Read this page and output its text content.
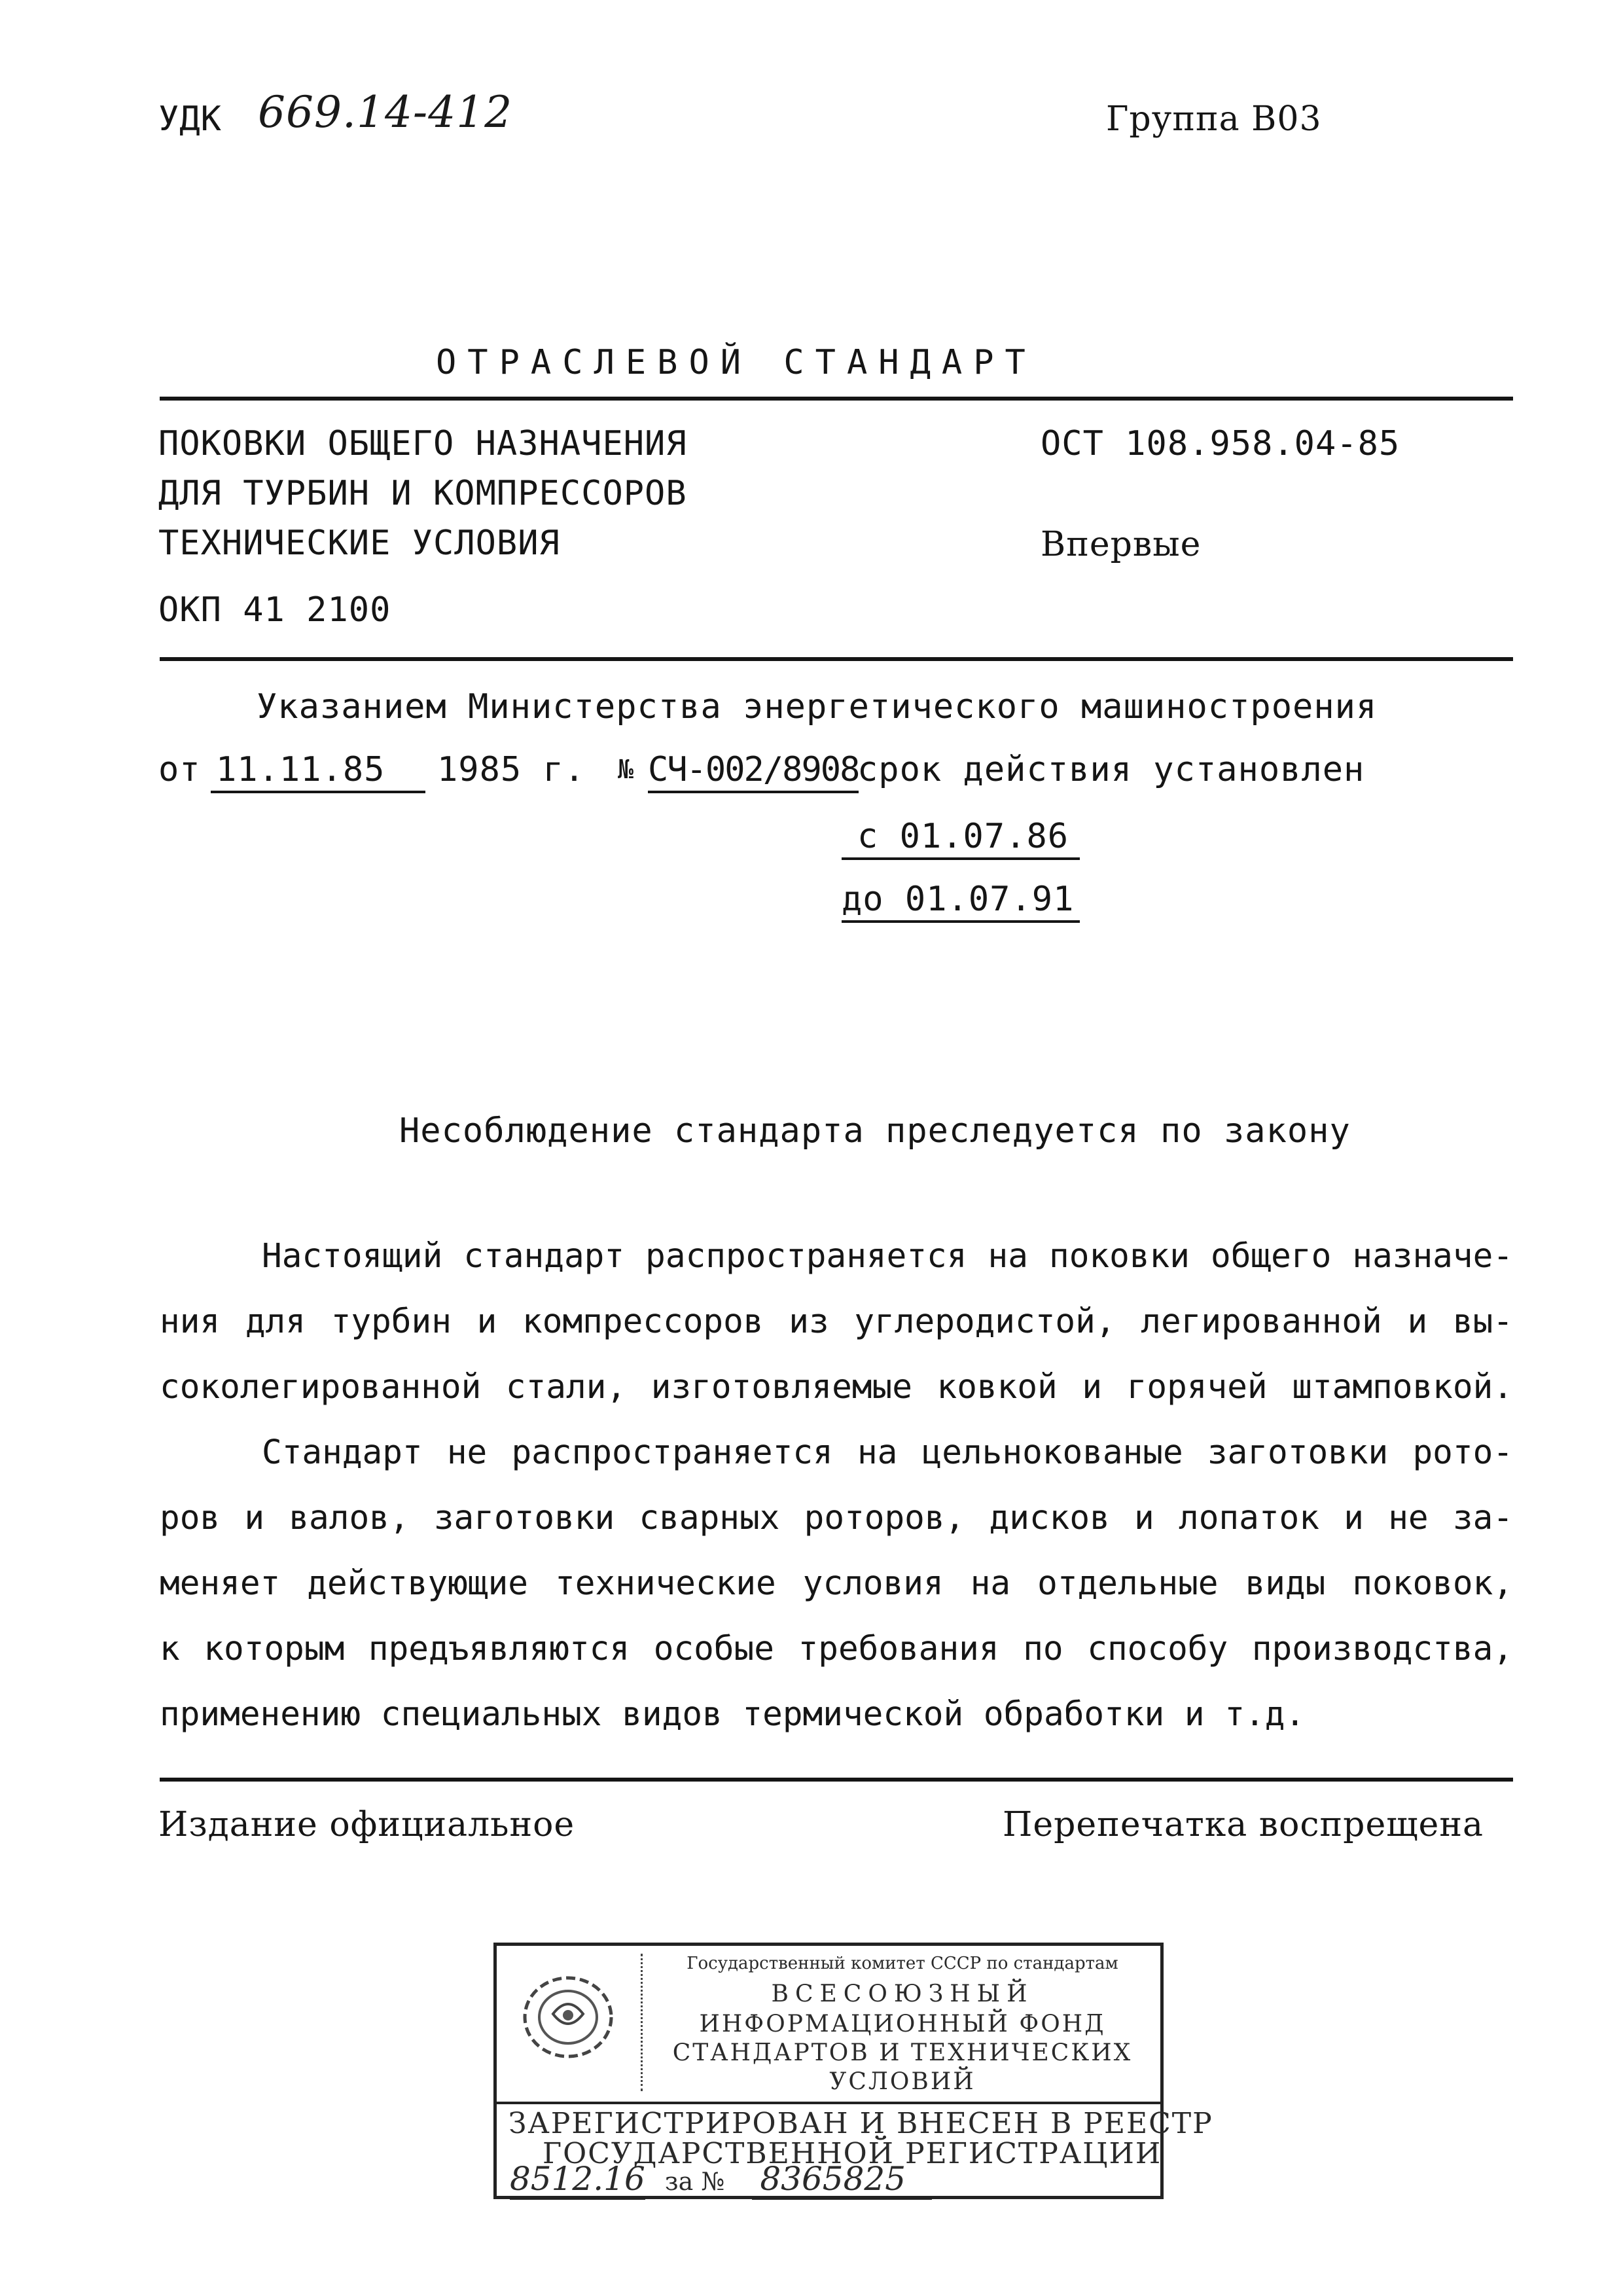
УДК 669.14-412	Группа В03
ОТРАСЛЕВОЙ СТАНДАРТ
ПОКОВКИ ОБЩЕГО НАЗНАЧЕНИЯ
ДЛЯ ТУРБИН И КОМПРЕССОРОВ
ТЕХНИЧЕСКИЕ УСЛОВИЯ
ОКП 41 2100
ОСТ 108.958.04-85
Впервые
Указанием Министерства энергетического машиностроения
от 11.11.85	1985 г. № СЧ-002/8908
срок действия установлен
с 01.07.86
до 01.07.91
Несоблюдение стандарта преследуется по закону
Настоящий стандарт распространяется на поковки общего назначе-
ния для турбин и компрессоров из углеродистой, легированной и вы-
соколегированной стали, изготовляемые ковкой и горячей штамповкой.
Стандарт не распространяется на цельнокованые заготовки рото-
ров и валов, заготовки сварных роторов, дисков и лопаток и не за-
меняет действующие технические условия на отдельные виды поковок,
к которым предъявляются особые требования по способу производства,
применению специальных видов термической обработки и т.д.
Издание официальное	Перепечатка воспрещена
Государственный комитет СССР по стандартам
ВСЕСОЮЗНЫЙ
ИНФОРМАЦИОННЫЙ ФОНД
СТАНДАРТОВ И ТЕХНИЧЕСКИХ
УСЛОВИЙ
ЗАРЕГИСТРИРОВАН И ВНЕСЕН В РЕЕСТР
ГОСУДАРСТВЕННОЙ РЕГИСТРАЦИИ
8512.16 за № 8365825
